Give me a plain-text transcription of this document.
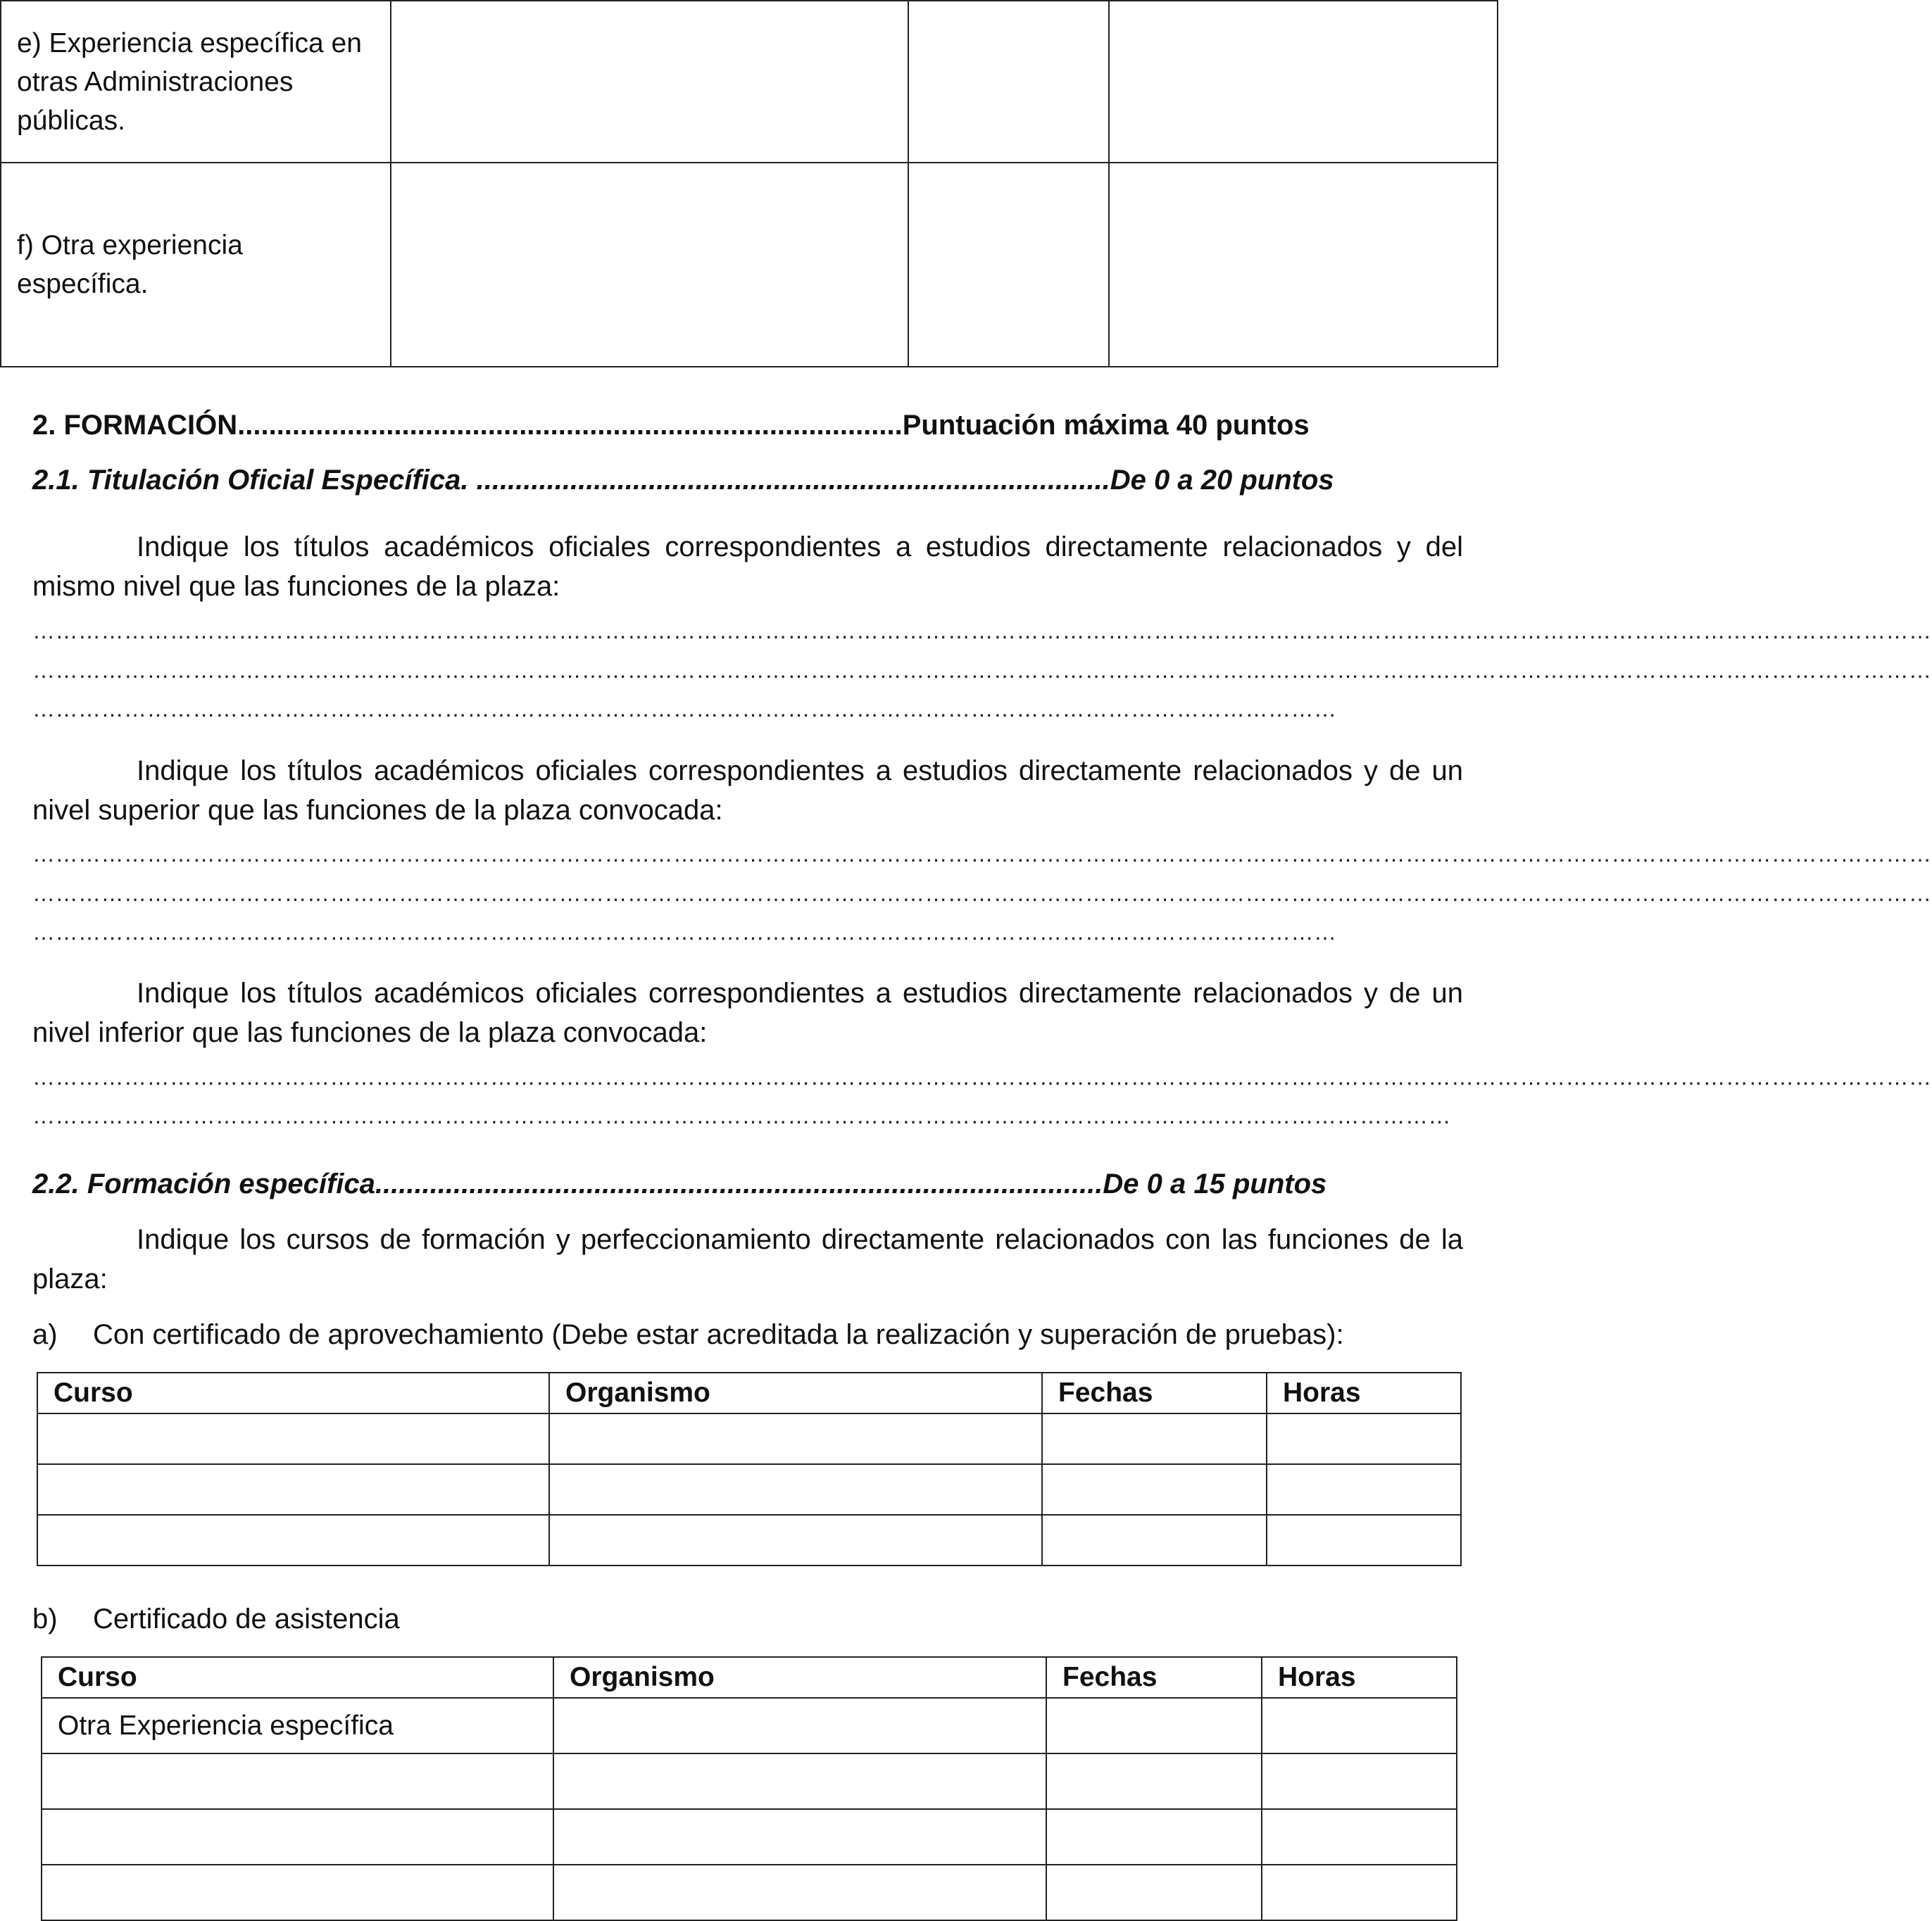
e) Experiencia específica en otras Administraciones públicas.			
f) Otra experiencia específica.			
2. FORMACIÓN.....................................................................................Puntuación máxima 40 puntos
2.1. Titulación Oficial Específica. .................................................................................De 0 a 20 puntos
Indique los títulos académicos oficiales correspondientes a estudios directamente relacionados y del mismo nivel que las funciones de la plaza:
……………………………………………………………………………………………………………………………………………………………………………………………………………………………
……………………………………………………………………………………………………………………………………………………………………………………………………………………………
………………………………………………………………………………………………………………………………………………………
Indique los títulos académicos oficiales correspondientes a estudios directamente relacionados y de un nivel superior que las funciones de la plaza convocada:
……………………………………………………………………………………………………………………………………………………………………………………………………………………………
……………………………………………………………………………………………………………………………………………………………………………………………………………………………
………………………………………………………………………………………………………………………………………………………
Indique los títulos académicos oficiales correspondientes a estudios directamente relacionados y de un nivel inferior que las funciones de la plaza convocada:
……………………………………………………………………………………………………………………………………………………………………………………………………………………………
……………………………………………………………………………………………………………………………………………………………………
2.2. Formación específica.............................................................................................De 0 a 15 puntos
Indique los cursos de formación y perfeccionamiento directamente relacionados con las funciones de la plaza:
a) Con certificado de aprovechamiento (Debe estar acreditada la realización y superación de pruebas):
Curso	Organismo	Fechas	Horas

b) Certificado de asistencia
Curso	Organismo	Fechas	Horas
Otra Experiencia específica			
